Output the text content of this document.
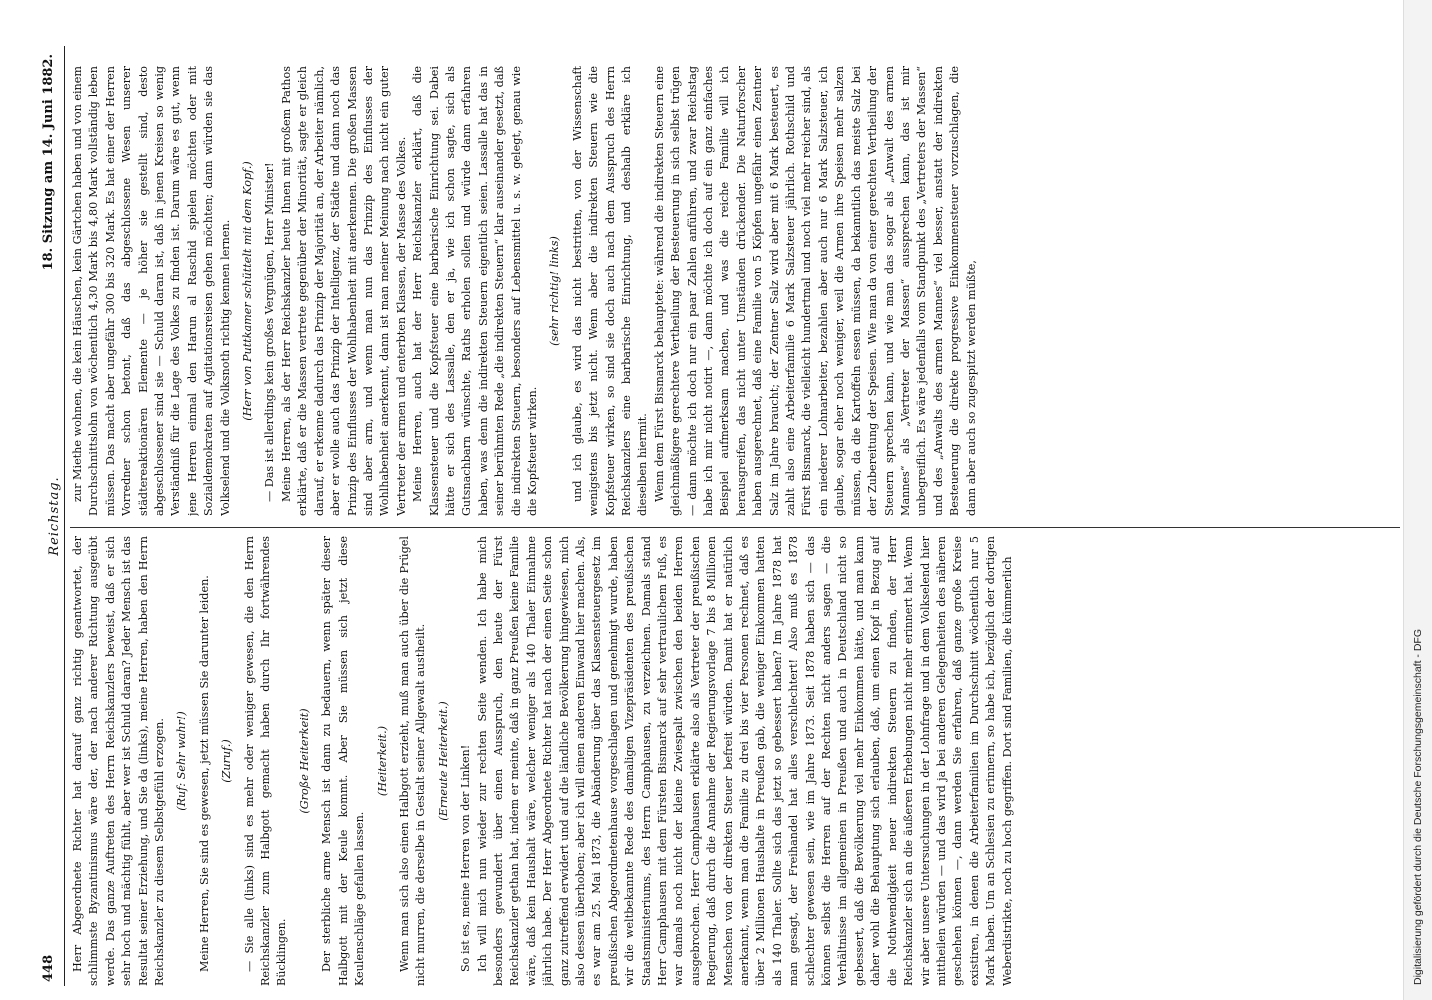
448
Reichstag.
18. Sitzung am 14. Juni 1882.

Herr Abgeordnete Richter hat darauf ganz richtig geantwortet, der schlimmste Byzantinismus wäre der, der nach anderer Richtung ausgeübt werde. Das ganze Auftreten des Herrn Reichskanzlers beweist, daß er sich sehr hoch und mächtig fühlt, aber wer ist Schuld daran? Jeder Mensch ist das Resultat seiner Erziehung, und Sie da (links), meine Herren, haben den Herrn Reichskanzler zu diesem Selbstgefühl erzogen. (Ruf: Sehr wahr!) Meine Herren, Sie sind es gewesen, jetzt müssen Sie darunter leiden. (Zuruf.) — Sie alle (links) sind es mehr oder weniger gewesen, die den Herrn Reichskanzler zum Halbgott gemacht haben durch Ihr fortwährendes Bücklingen.

(Große Heiterkeit) Der sterbliche arme Mensch ist dann zu bedauern, wenn später dieser Halbgott mit der Keule kommt. Aber Sie müssen sich jetzt diese Keulenschläge gefallen lassen.

(Heiterkeit.) Wenn man sich also einen Halbgott erzieht, muß man auch über die Prügel nicht murren, die derselbe in Gestalt seiner Allgewalt austheilt. (Erneute Heiterkeit.) So ist es, meine Herren von der Linken! Ich will mich nun wieder zur rechten Seite wenden. Ich habe mich besonders gewundert über einen Ausspruch, den heute der Fürst Reichskanzler gethan hat, indem er meinte, daß in ganz Preußen keine Familie wäre, daß kein Haushalt wäre, welcher weniger als 140 Thaler Einnahme jährlich habe. Der Herr Abgeordnete Richter hat nach der einen Seite schon ganz zutreffend erwidert und auf die ländliche Bevölkerung hingewiesen, mich also dessen überhoben; aber ich will einen anderen Einwand hier machen. Als, es war am 25. Mai 1873, die Abänderung über das Klassensteuergesetz im preußischen Abgeordnetenhause vorgeschlagen und genehmigt wurde, haben wir die weltbekannte Rede des damaligen Vizepräsidenten des preußischen Staatsministeriums, des Herrn Camphausen, zu verzeichnen. Damals stand Herr Camphausen mit dem Fürsten Bismarck auf sehr vertraulichem Fuß, es war damals noch nicht der kleine Zwiespalt zwischen den beiden Herren ausgebrochen. Herr Camphausen erklärte also als Vertreter der preußischen Regierung, daß durch die Annahme der Regierungsvorlage 7 bis 8 Millionen Menschen von der direkten Steuer befreit würden. Damit hat er natürlich anerkannt, wenn man die Familie zu drei bis vier Personen rechnet, daß es über 2 Millionen Haushalte in Preußen gab, die weniger Einkommen hatten als 140 Thaler. Sollte sich das jetzt so gebessert haben? Im Jahre 1878 hat man gesagt, der Freihandel hat alles verschlechtert! Also muß es 1878 schlechter gewesen sein, wie im Jahre 1873. Seit 1878 haben sich — das können selbst die Herren auf der Rechten nicht anders sagen — die Verhältnisse im allgemeinen in Preußen und auch in Deutschland nicht so gebessert, daß die Bevölkerung viel mehr Einkommen hätte, und man kann daher wohl die Behauptung sich erlauben, daß, um einen Kopf in Bezug auf die Nothwendigkeit neuer indirekten Steuern zu finden, der Herr Reichskanzler sich an die äußeren Erhebungen nicht mehr erinnert hat. Wenn wir aber unsere Untersuchungen in der Lohnfrage und in dem Volkselend hier mittheilen würden — und das wird ja bei anderen Gelegenheiten des näheren geschehen können —, dann werden Sie erfahren, daß ganze große Kreise existiren, in denen die Arbeiterfamilien im Durchschnitt wöchentlich nur 5 Mark haben. Um an Schlesien zu erinnern, so habe ich, bezüglich der dortigen Weberdistrikte, noch zu hoch gegriffen. Dort sind Familien, die kümmerlich

zur Miethe wohnen, die kein Häuschen, kein Gärtchen haben und von einem Durchschnittslohn von wöchentlich 4,30 Mark bis 4,80 Mark vollständig leben müssen. Das macht aber ungefähr 300 bis 320 Mark. Es hat einer der Herren Vorredner schon betont, daß das abgeschlossene Wesen unserer städtereaktionären Elemente — je höher sie gestellt sind, desto abgeschlossener sind sie — Schuld daran ist, daß in jenen Kreisen so wenig Verständniß für die Lage des Volkes zu finden ist. Darum wäre es gut, wenn jene Herren einmal den Harun al Raschid spielen möchten oder mit Sozialdemokraten auf Agitationsreisen gehen möchten; dann würden sie das Volkselend und die Volksnoth richtig kennen lernen. (Herr von Puttkamer schüttelt mit dem Kopf.) — Das ist allerdings kein großes Vergnügen, Herr Minister! Meine Herren, als der Herr Reichskanzler heute Ihnen mit großem Pathos erklärte, daß er die Massen vertrete gegenüber der Minorität, sagte er gleich darauf, er erkenne dadurch das Prinzip der Majorität an, der Arbeiter nämlich, aber er wolle auch das Prinzip der Intelligenz, der Städte und dann noch das Prinzip des Einflusses der Wohlhabenheit mit anerkennen. Die großen Massen sind aber arm, und wenn man nun das Prinzip des Einflusses der Wohlhabenheit anerkennt, dann ist man meiner Meinung nach nicht ein guter Vertreter der armen und enterbten Klassen, der Masse des Volkes. Meine Herren, auch hat der Herr Reichskanzler erklärt, daß die Klassensteuer und die Kopfsteuer eine barbarische Einrichtung sei. Dabei hätte er sich des Lassalle, den er ja, wie ich schon sagte, sich als Gutsnachbarn wünschte, Raths erholen sollen und würde dann erfahren haben, was denn die indirekten Steuern eigentlich seien. Lassalle hat das in seiner berühmten Rede „die indirekten Steuern“ klar auseinander gesetzt, daß die indirekten Steuern, besonders auf Lebensmittel u. s. w. gelegt, genau wie die Kopfsteuer wirken.

(sehr richtig! links) und ich glaube, es wird das nicht bestritten, von der Wissenschaft wenigstens bis jetzt nicht. Wenn aber die indirekten Steuern wie die Kopfsteuer wirken, so sind sie doch auch nach dem Ausspruch des Herrn Reichskanzlers eine barbarische Einrichtung, und deshalb erkläre ich dieselben hiermit. Wenn dem Fürst Bismarck behauptete: während die indirekten Steuern eine gleichmäßigere gerechtere Vertheilung der Besteuerung in sich selbst trügen — dann möchte ich doch nur ein paar Zahlen anführen, und zwar Reichstag habe ich mir nicht notirt —, dann möchte ich doch auf ein ganz einfaches Beispiel aufmerksam machen, und was die reiche Familie will ich herausgreifen, das nicht unter Umständen drückender. Die Naturforscher haben ausgerechnet, daß eine Familie von 5 Köpfen ungefähr einen Zentner Salz im Jahre braucht; der Zentner Salz wird aber mit 6 Mark besteuert, es zahlt also eine Arbeiterfamilie 6 Mark Salzsteuer jährlich. Rothschild und Fürst Bismarck, die vielleicht hundertmal und noch viel mehr reicher sind, als ein niederer Lohnarbeiter, bezahlen aber auch nur 6 Mark Salzsteuer, ich glaube, sogar eher noch weniger, weil die Armen ihre Speisen mehr salzen müssen, da die Kartoffeln essen müssen, da bekanntlich das meiste Salz bei der Zubereitung der Speisen. Wie man da von einer gerechten Vertheilung der Steuern sprechen kann, und wie man das sogar als „Anwalt des armen Mannes“ als „Vertreter der Massen“ aussprechen kann, das ist mir unbegreiflich. Es wäre jedenfalls vom Standpunkt des „Vertreters der Massen“ und des „Anwalts des armen Mannes“ viel besser, anstatt der indirekten Besteuerung die direkte progressive Einkommensteuer vorzuschlagen, die dann aber auch so zugespitzt werden müßte,

Digitalisierung gefördert durch die Deutsche Forschungsgemeinschaft - DFG
